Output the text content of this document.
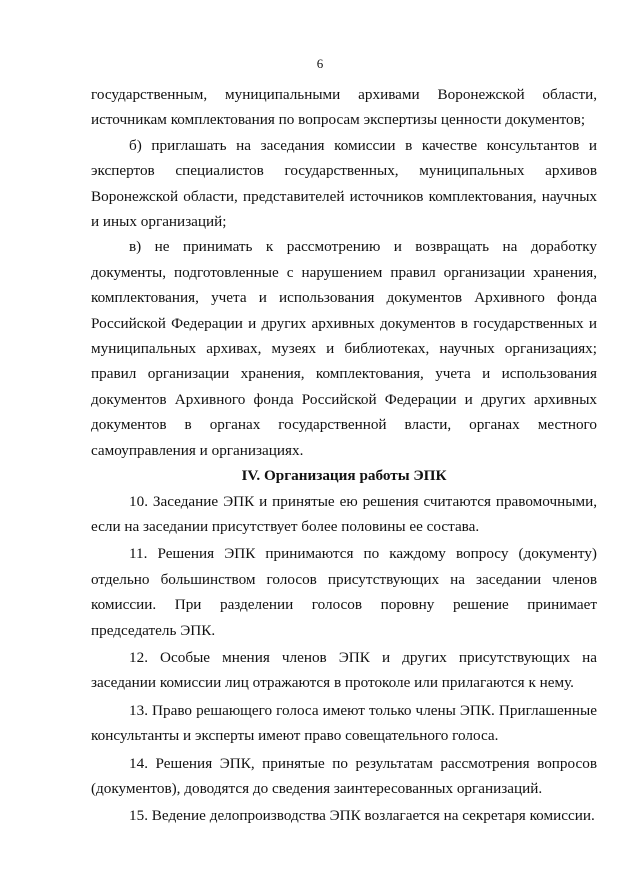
6

государственным, муниципальными архивами Воронежской области, источникам комплектования по вопросам экспертизы ценности документов;

б) приглашать на заседания комиссии в качестве консультантов и экспертов специалистов государственных, муниципальных архивов Воронежской области, представителей источников комплектования, научных и иных организаций;

в) не принимать к рассмотрению и возвращать на доработку документы, подготовленные с нарушением правил организации хранения, комплектования, учета и использования документов Архивного фонда Российской Федерации и других архивных документов в государственных и муниципальных архивах, музеях и библиотеках, научных организациях; правил организации хранения, комплектования, учета и использования документов Архивного фонда Российской Федерации и других архивных документов в органах государственной власти, органах местного самоуправления и организациях.

IV. Организация работы ЭПК

10. Заседание ЭПК и принятые ею решения считаются правомочными, если на заседании присутствует более половины ее состава.

11. Решения ЭПК принимаются по каждому вопросу (документу) отдельно большинством голосов присутствующих на заседании членов комиссии. При разделении голосов поровну решение принимает председатель ЭПК.

12. Особые мнения членов ЭПК и других присутствующих на заседании комиссии лиц отражаются в протоколе или прилагаются к нему.

13. Право решающего голоса имеют только члены ЭПК. Приглашенные консультанты и эксперты имеют право совещательного голоса.

14. Решения ЭПК, принятые по результатам рассмотрения вопросов (документов), доводятся до сведения заинтересованных организаций.

15. Ведение делопроизводства ЭПК возлагается на секретаря комиссии.
